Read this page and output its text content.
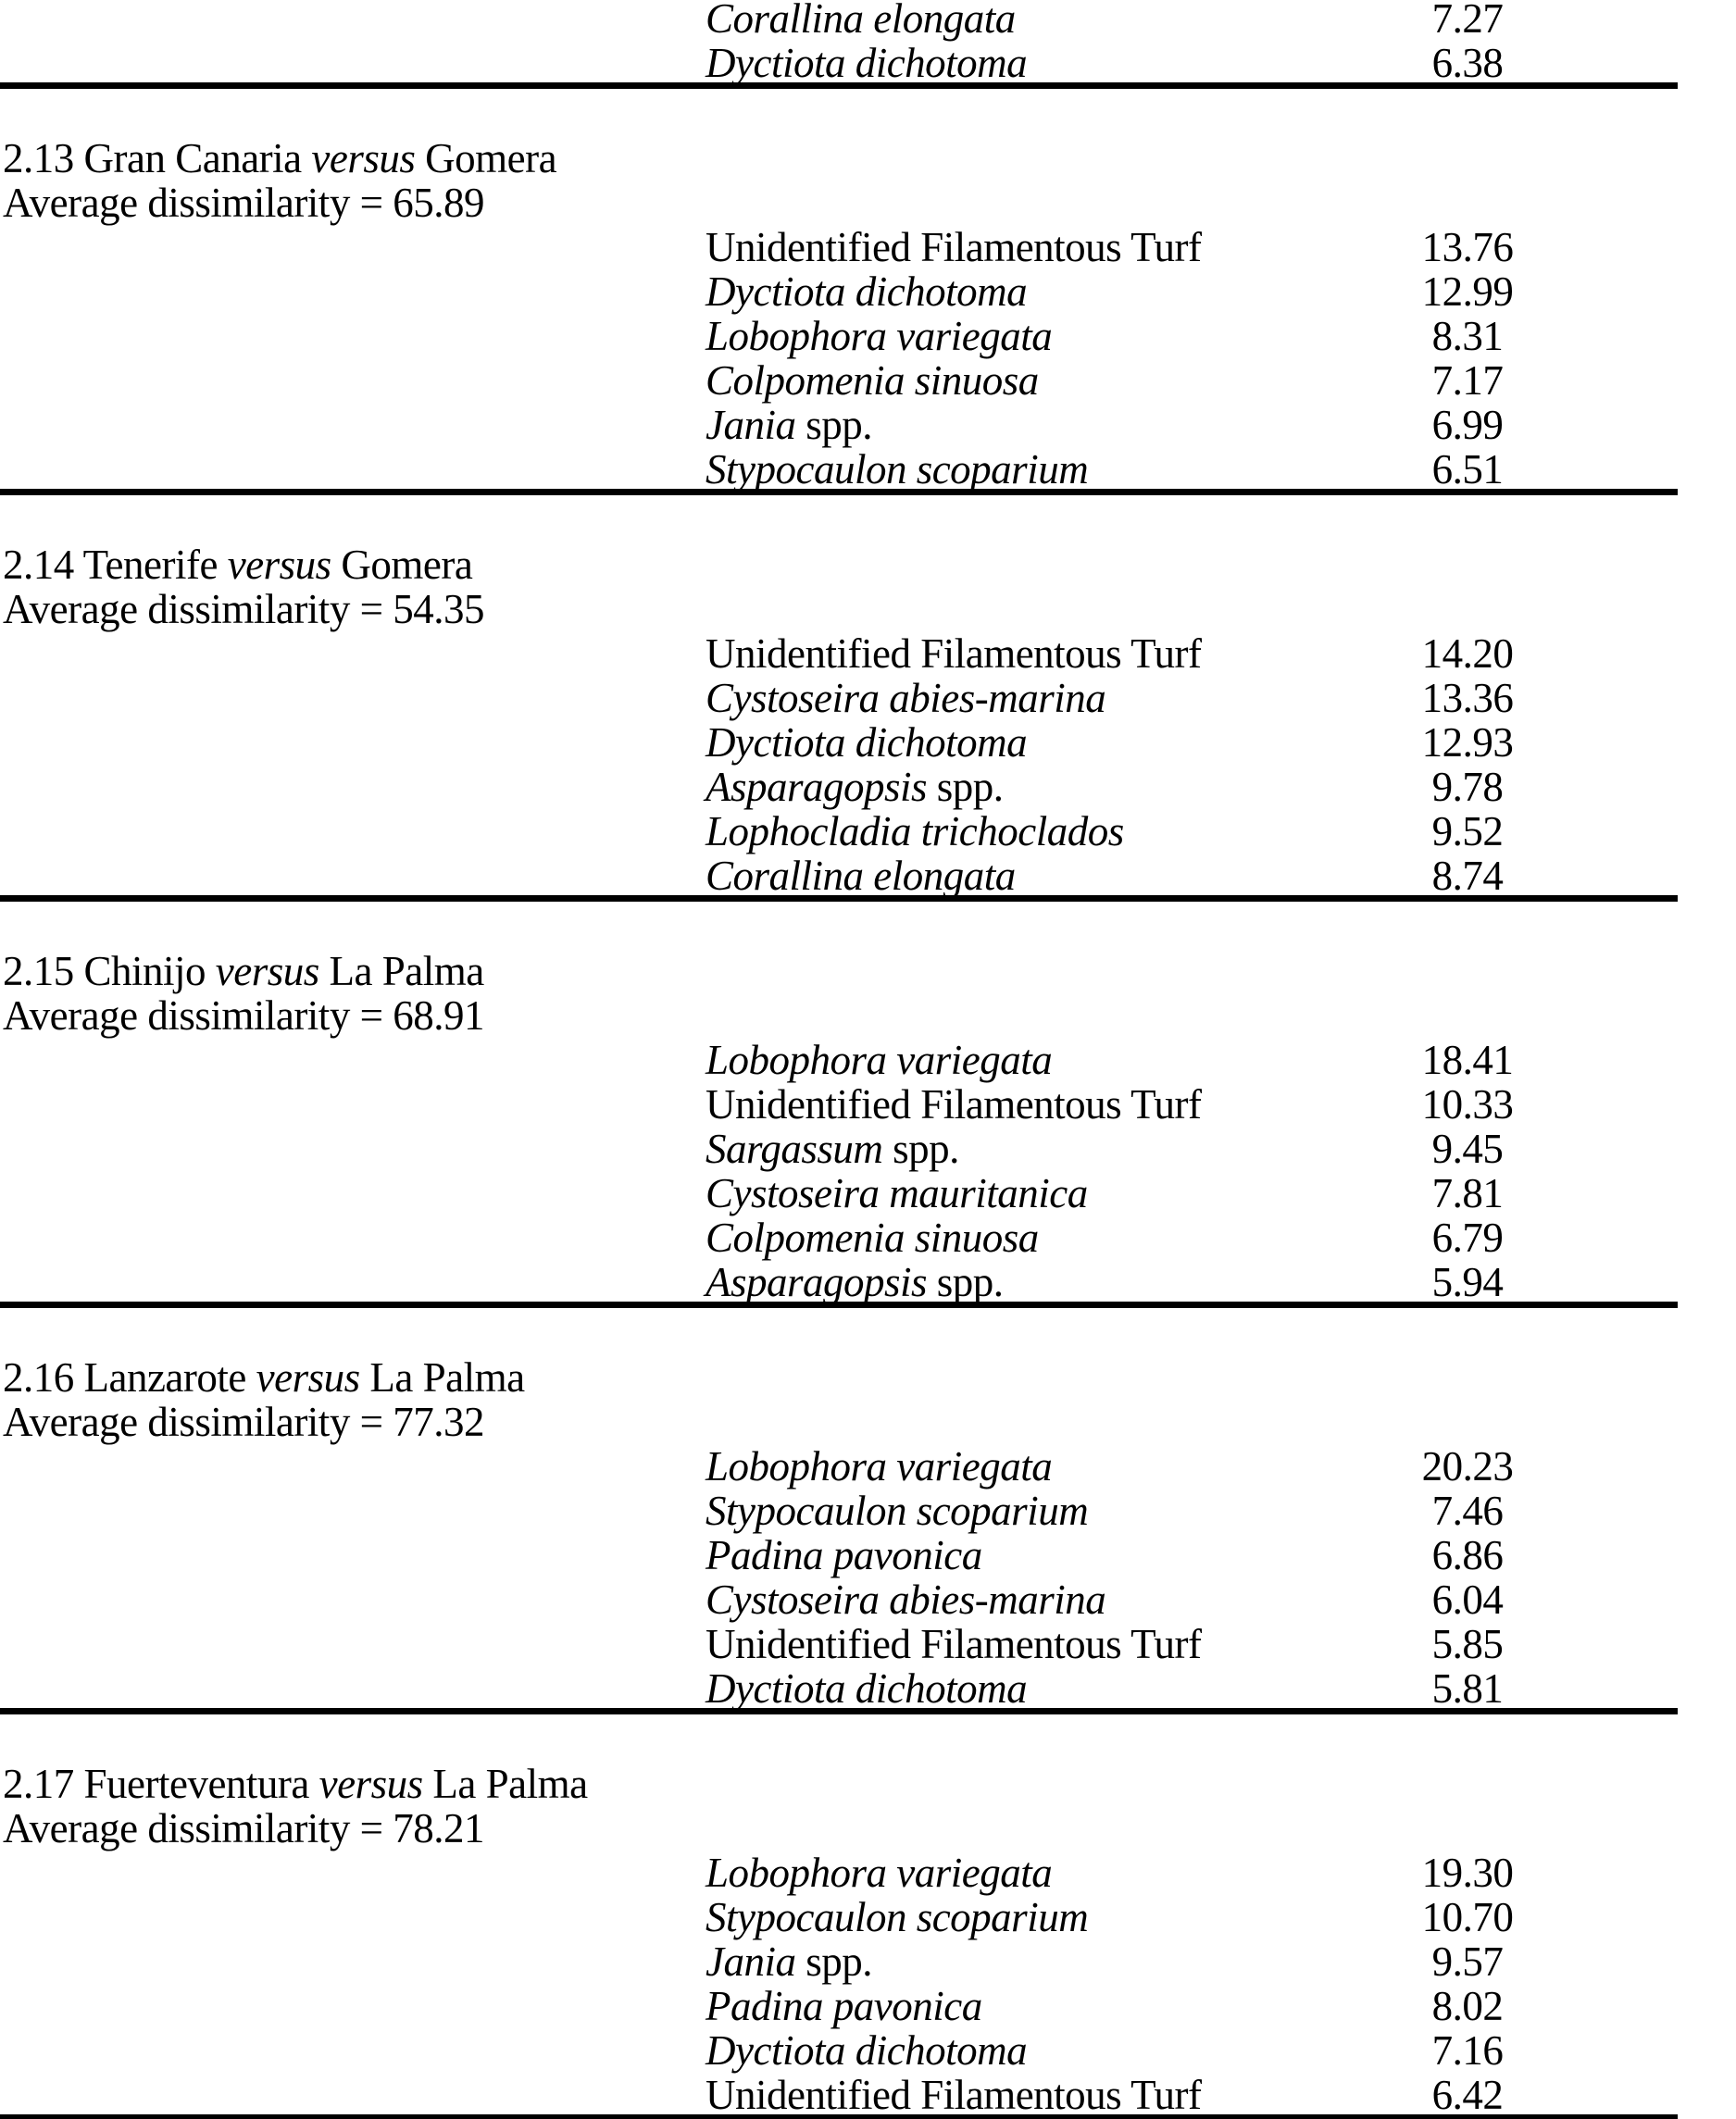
Corallina elongata	7.27
Dyctiota dichotoma	6.38
2.13 Gran Canaria versus Gomera
Average dissimilarity = 65.89
Unidentified Filamentous Turf	13.76
Dyctiota dichotoma	12.99
Lobophora variegata	8.31
Colpomenia sinuosa	7.17
Jania spp.	6.99
Stypocaulon scoparium	6.51
2.14 Tenerife versus Gomera
Average dissimilarity = 54.35
Unidentified Filamentous Turf	14.20
Cystoseira abies-marina	13.36
Dyctiota dichotoma	12.93
Asparagopsis spp.	9.78
Lophocladia trichoclados	9.52
Corallina elongata	8.74
2.15 Chinijo versus La Palma
Average dissimilarity = 68.91
Lobophora variegata	18.41
Unidentified Filamentous Turf	10.33
Sargassum spp.	9.45
Cystoseira mauritanica	7.81
Colpomenia sinuosa	6.79
Asparagopsis spp.	5.94
2.16 Lanzarote versus La Palma
Average dissimilarity = 77.32
Lobophora variegata	20.23
Stypocaulon scoparium	7.46
Padina pavonica	6.86
Cystoseira abies-marina	6.04
Unidentified Filamentous Turf	5.85
Dyctiota dichotoma	5.81
2.17 Fuerteventura versus La Palma
Average dissimilarity = 78.21
Lobophora variegata	19.30
Stypocaulon scoparium	10.70
Jania spp.	9.57
Padina pavonica	8.02
Dyctiota dichotoma	7.16
Unidentified Filamentous Turf	6.42
